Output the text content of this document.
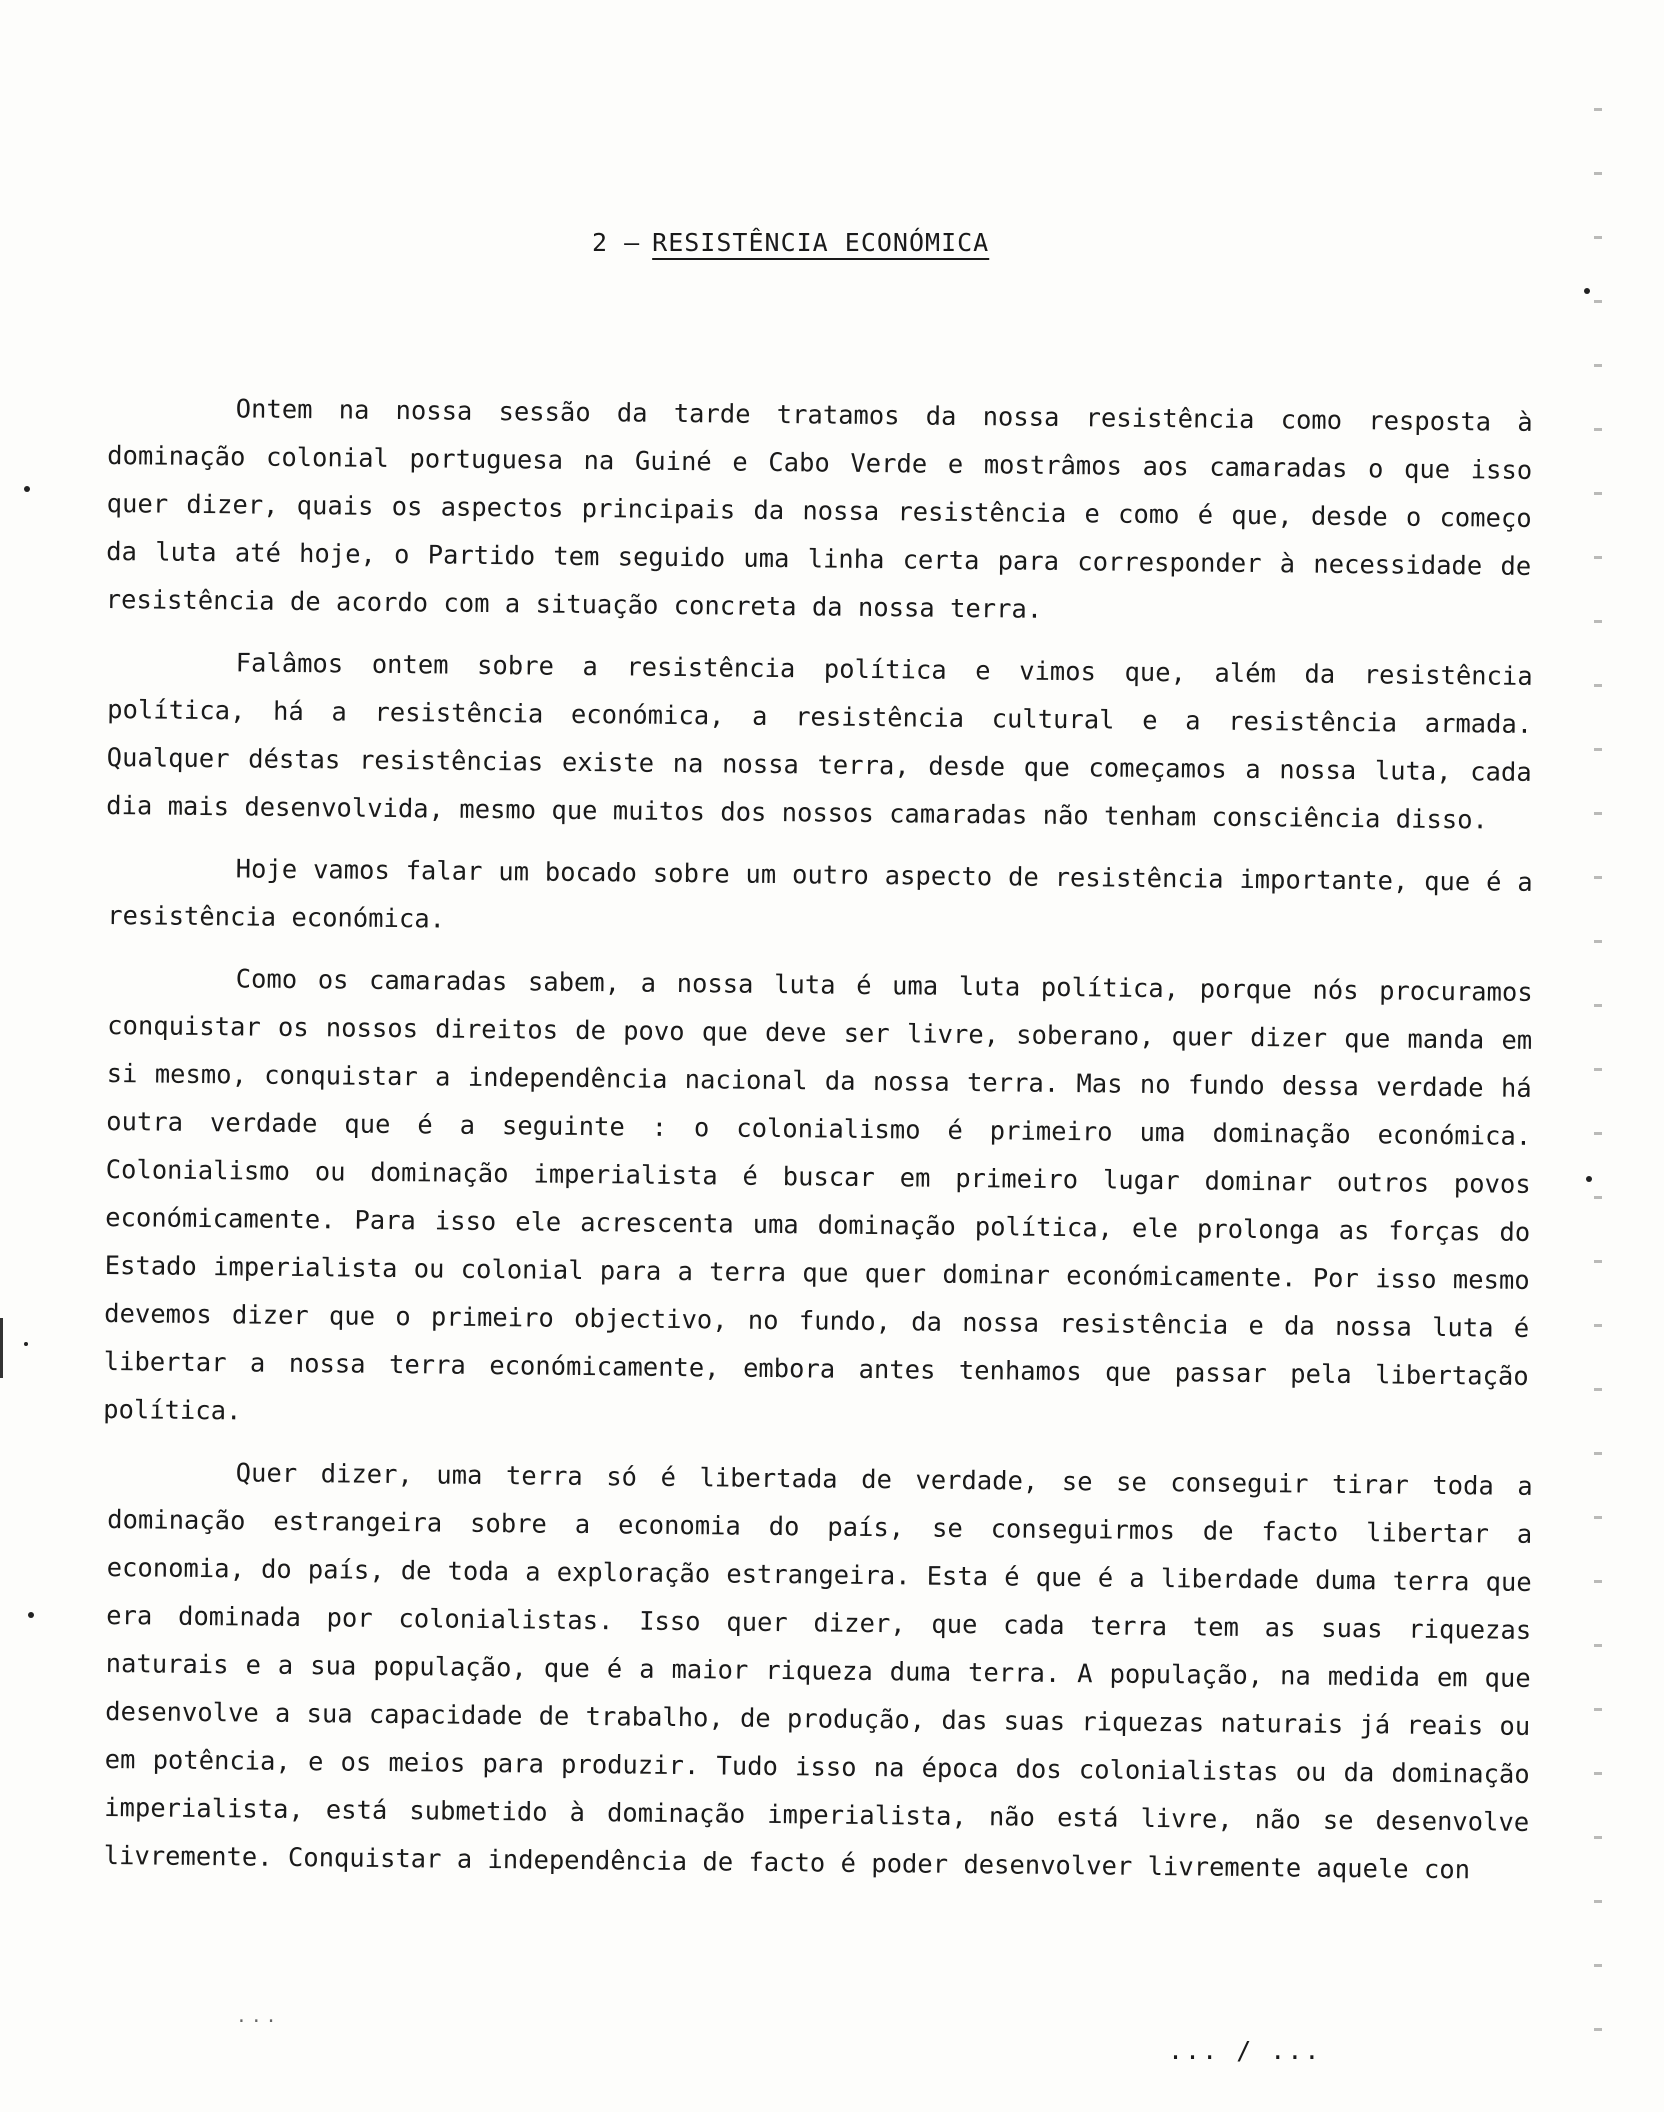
2 – RESISTÊNCIA ECONÓMICA

Ontem na nossa sessão da tarde tratamos da nossa resistência como resposta à dominação colonial portuguesa na Guiné e Cabo Verde e mostrâmos aos camaradas o que isso quer dizer, quais os aspectos principais da nossa resistência e como é que, desde o começo da luta até hoje, o Partido tem seguido uma linha certa para corresponder à necessidade de resistência de acordo com a situação concreta da nossa terra.

Falâmos ontem sobre a resistência política e vimos que, além da resistência política, há a resistência económica, a resistência cultural e a resistência armada. Qualquer déstas resistências existe na nossa terra, desde que começamos a nossa luta, cada dia mais desenvolvida, mesmo que muitos dos nossos camaradas não tenham consciência disso.

Hoje vamos falar um bocado sobre um outro aspecto de resistência importante, que é a resistência económica.

Como os camaradas sabem, a nossa luta é uma luta política, porque nós procuramos conquistar os nossos direitos de povo que deve ser livre, soberano, quer dizer que manda em si mesmo, conquistar a independência nacional da nossa terra. Mas no fundo dessa verdade há outra verdade que é a seguinte : o colonialismo é primeiro uma dominação económica. Colonialismo ou dominação imperialista é buscar em primeiro lugar dominar outros povos económicamente. Para isso ele acrescenta uma dominação política, ele prolonga as forças do Estado imperialista ou colonial para a terra que quer dominar económicamente. Por isso mesmo devemos dizer que o primeiro objectivo, no fundo, da nossa resistência e da nossa luta é libertar a nossa terra económicamente, embora antes tenhamos que passar pela libertação política.

Quer dizer, uma terra só é libertada de verdade, se se conseguir tirar toda a dominação estrangeira sobre a economia do país, se conseguirmos de facto libertar a economia, do país, de toda a exploração estrangeira. Esta é que é a liberdade duma terra que era dominada por colonialistas. Isso quer dizer, que cada terra tem as suas riquezas naturais e a sua população, que é a maior riqueza duma terra. A população, na medida em que desenvolve a sua capacidade de trabalho, de produção, das suas riquezas naturais já reais ou em potência, e os meios para produzir. Tudo isso na época dos colonialistas ou da dominação imperialista, está submetido à dominação imperialista, não está livre, não se desenvolve livremente. Conquistar a independência de facto é poder desenvolver livremente aquele con

...
... / ...
